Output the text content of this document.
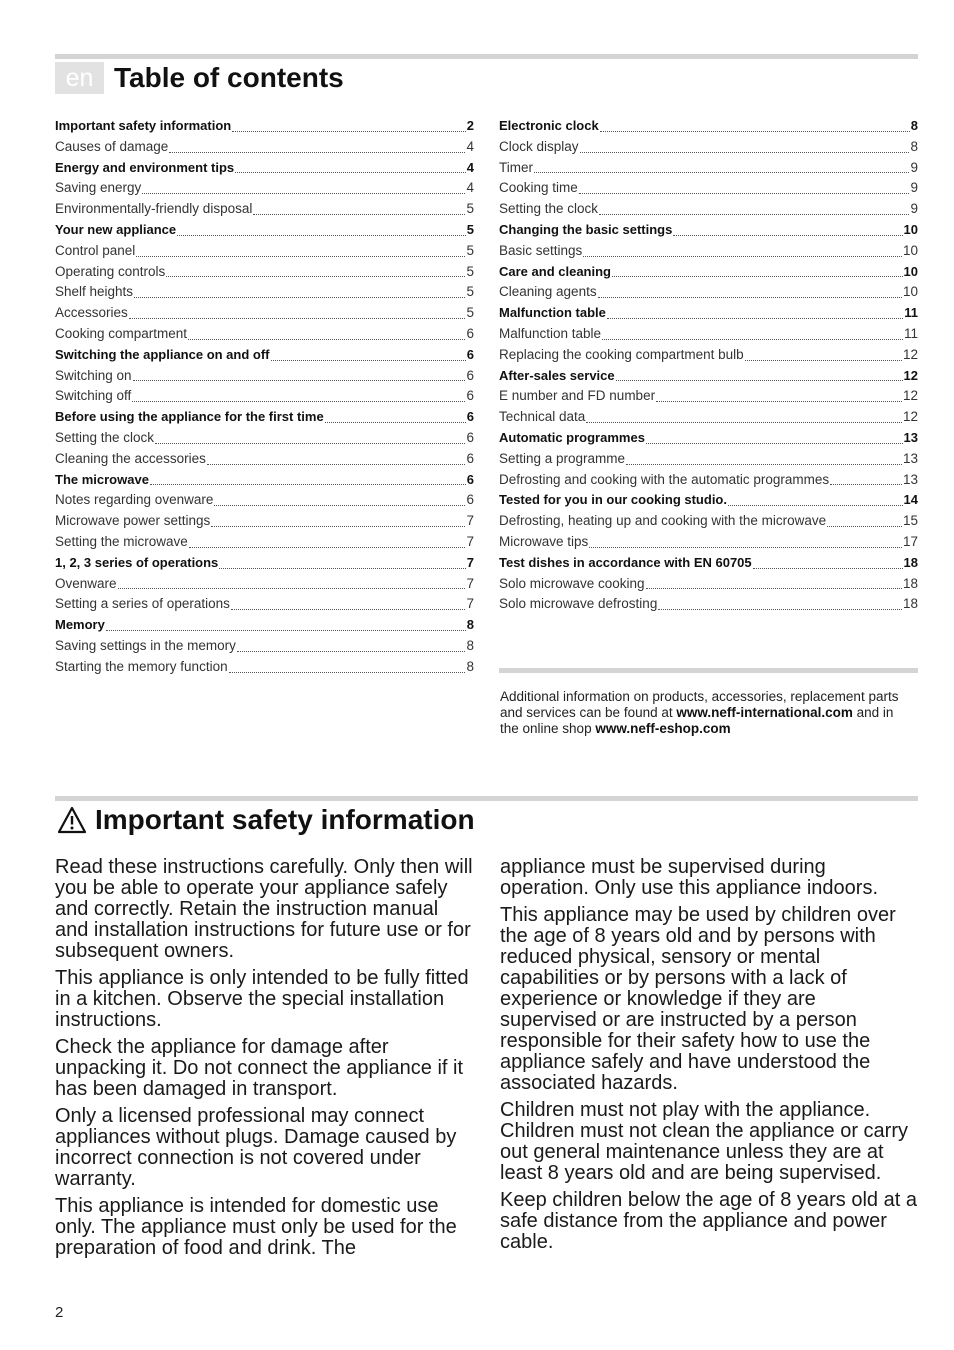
en Table of contents
Important safety information	2
Causes of damage	4
Energy and environment tips	4
Saving energy	4
Environmentally-friendly disposal	5
Your new appliance	5
Control panel	5
Operating controls	5
Shelf heights	5
Accessories	5
Cooking compartment	6
Switching the appliance on and off	6
Switching on	6
Switching off	6
Before using the appliance for the first time	6
Setting the clock	6
Cleaning the accessories	6
The microwave	6
Notes regarding ovenware	6
Microwave power settings	7
Setting the microwave	7
1, 2, 3 series of operations	7
Ovenware	7
Setting a series of operations	7
Memory	8
Saving settings in the memory	8
Starting the memory function	8
Electronic clock	8
Clock display	8
Timer	9
Cooking time	9
Setting the clock	9
Changing the basic settings	10
Basic settings	10
Care and cleaning	10
Cleaning agents	10
Malfunction table	11
Malfunction table	11
Replacing the cooking compartment bulb	12
After-sales service	12
E number and FD number	12
Technical data	12
Automatic programmes	13
Setting a programme	13
Defrosting and cooking with the automatic programmes	13
Tested for you in our cooking studio.	14
Defrosting, heating up and cooking with the microwave	15
Microwave tips	17
Test dishes in accordance with EN 60705	18
Solo microwave cooking	18
Solo microwave defrosting	18

Additional information on products, accessories, replacement parts and services can be found at www.neff-international.com and in the online shop www.neff-eshop.com

Important safety information

Read these instructions carefully. Only then will you be able to operate your appliance safely and correctly. Retain the instruction manual and installation instructions for future use or for subsequent owners.

This appliance is only intended to be fully fitted in a kitchen. Observe the special installation instructions.

Check the appliance for damage after unpacking it. Do not connect the appliance if it has been damaged in transport.

Only a licensed professional may connect appliances without plugs. Damage caused by incorrect connection is not covered under warranty.

This appliance is intended for domestic use only. The appliance must only be used for the preparation of food and drink. The

appliance must be supervised during operation. Only use this appliance indoors.

This appliance may be used by children over the age of 8 years old and by persons with reduced physical, sensory or mental capabilities or by persons with a lack of experience or knowledge if they are supervised or are instructed by a person responsible for their safety how to use the appliance safely and have understood the associated hazards.

Children must not play with the appliance. Children must not clean the appliance or carry out general maintenance unless they are at least 8 years old and are being supervised.

Keep children below the age of 8 years old at a safe distance from the appliance and power cable.

2
